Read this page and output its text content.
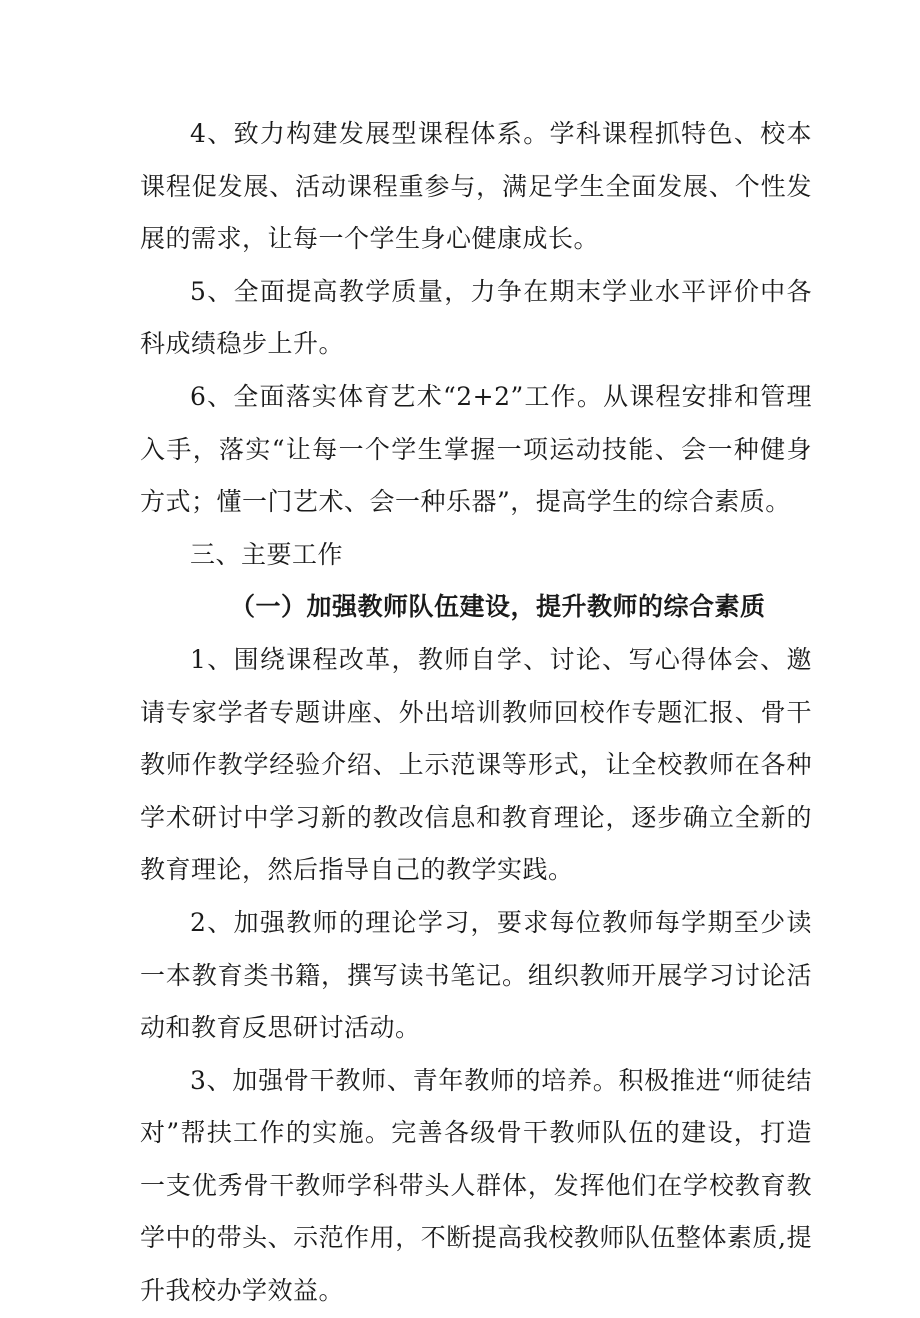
4、致力构建发展型课程体系。学科课程抓特色、校本课程促发展、活动课程重参与，满足学生全面发展、个性发展的需求，让每一个学生身心健康成长。

5、全面提高教学质量，力争在期末学业水平评价中各科成绩稳步上升。

6、全面落实体育艺术“2+2”工作。从课程安排和管理入手，落实“让每一个学生掌握一项运动技能、会一种健身方式；懂一门艺术、会一种乐器”，提高学生的综合素质。

三、主要工作

（一）加强教师队伍建设，提升教师的综合素质

1、围绕课程改革，教师自学、讨论、写心得体会、邀请专家学者专题讲座、外出培训教师回校作专题汇报、骨干教师作教学经验介绍、上示范课等形式，让全校教师在各种学术研讨中学习新的教改信息和教育理论，逐步确立全新的教育理论，然后指导自己的教学实践。

2、加强教师的理论学习，要求每位教师每学期至少读一本教育类书籍，撰写读书笔记。组织教师开展学习讨论活动和教育反思研讨活动。

3、加强骨干教师、青年教师的培养。积极推进“师徒结对”帮扶工作的实施。完善各级骨干教师队伍的建设，打造一支优秀骨干教师学科带头人群体，发挥他们在学校教育教学中的带头、示范作用，不断提高我校教师队伍整体素质,提升我校办学效益。
